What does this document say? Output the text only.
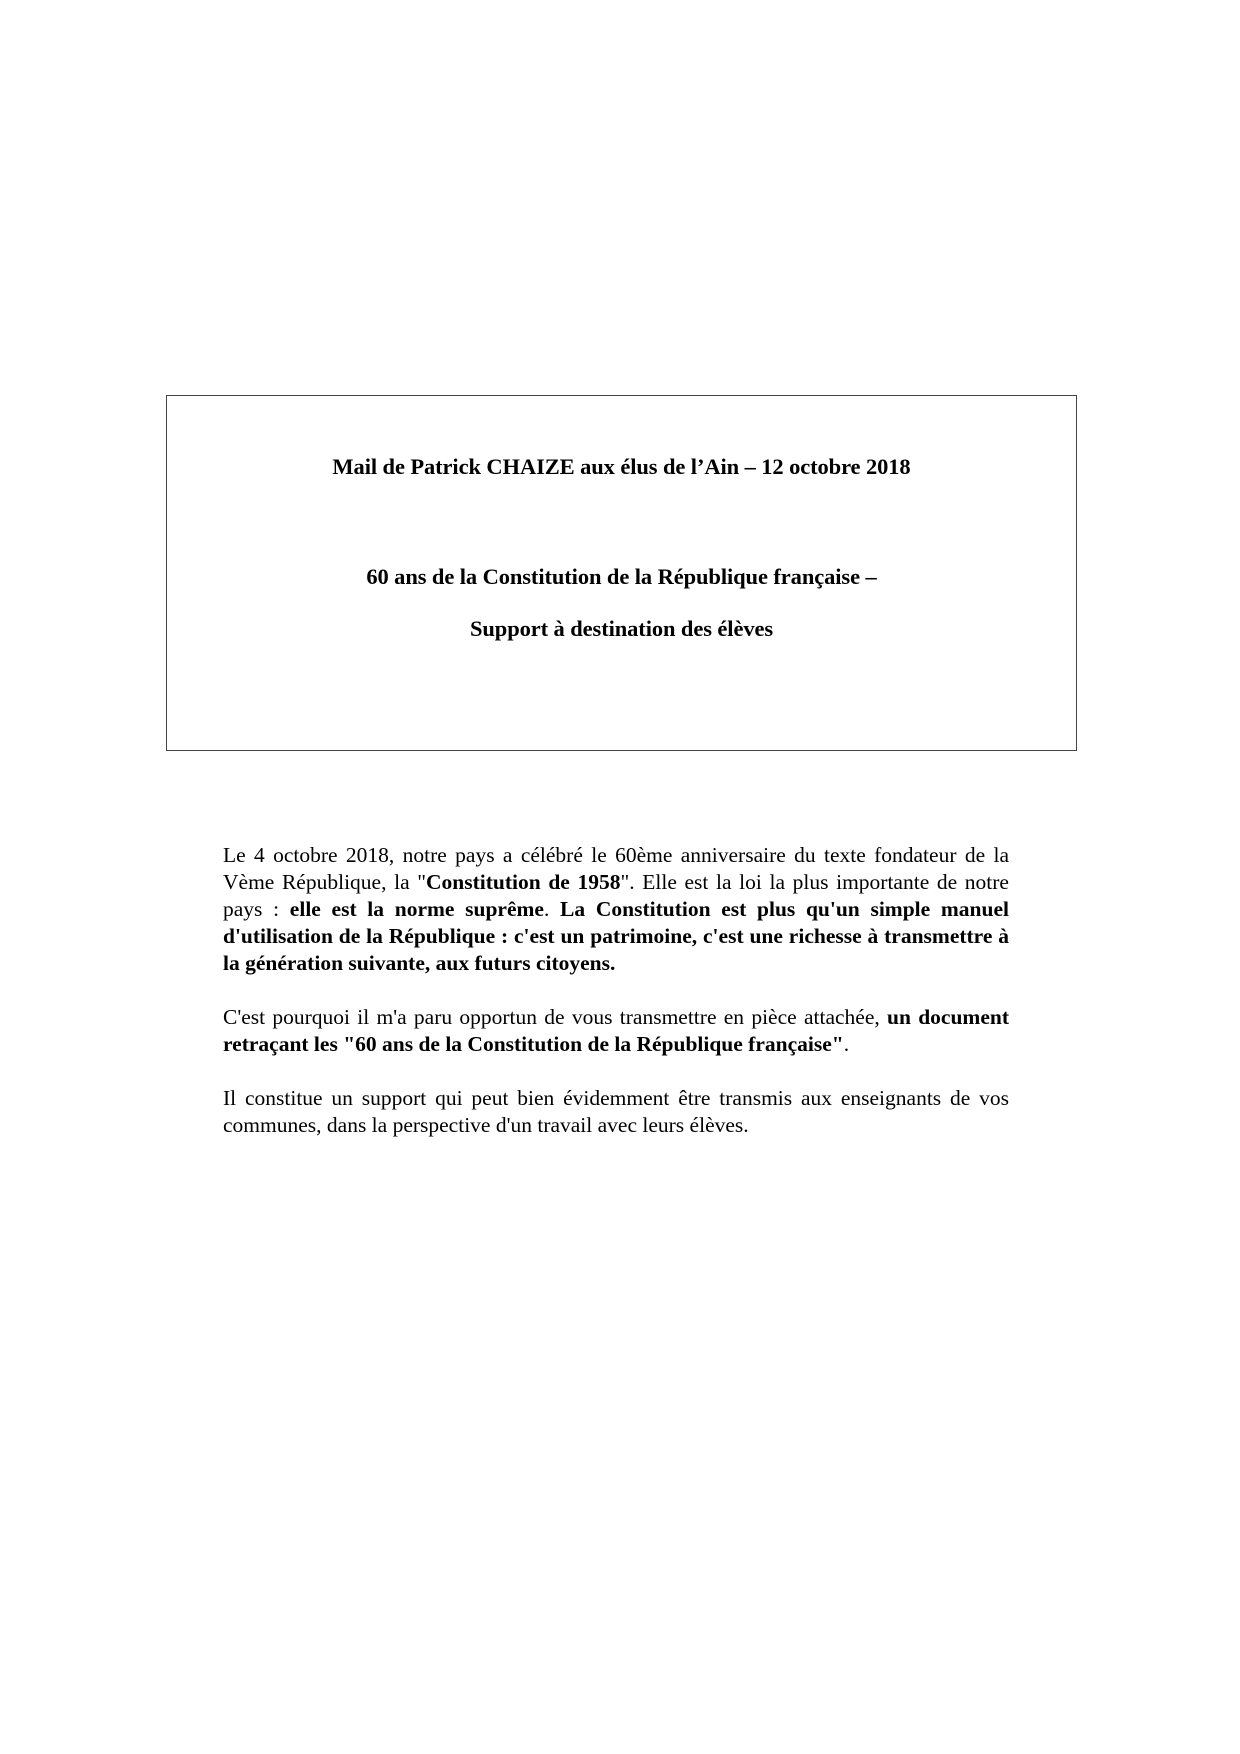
Mail de Patrick CHAIZE aux élus de l’Ain – 12 octobre 2018
60 ans de la Constitution de la République française –
Support à destination des élèves

Le 4 octobre 2018, notre pays a célébré le 60ème anniversaire du texte fondateur de la Vème République, la "Constitution de 1958". Elle est la loi la plus importante de notre pays : elle est la norme suprême. La Constitution est plus qu'un simple manuel d'utilisation de la République : c'est un patrimoine, c'est une richesse à transmettre à la génération suivante, aux futurs citoyens.

C'est pourquoi il m'a paru opportun de vous transmettre en pièce attachée, un document retraçant les "60 ans de la Constitution de la République française".

Il constitue un support qui peut bien évidemment être transmis aux enseignants de vos communes, dans la perspective d'un travail avec leurs élèves.
